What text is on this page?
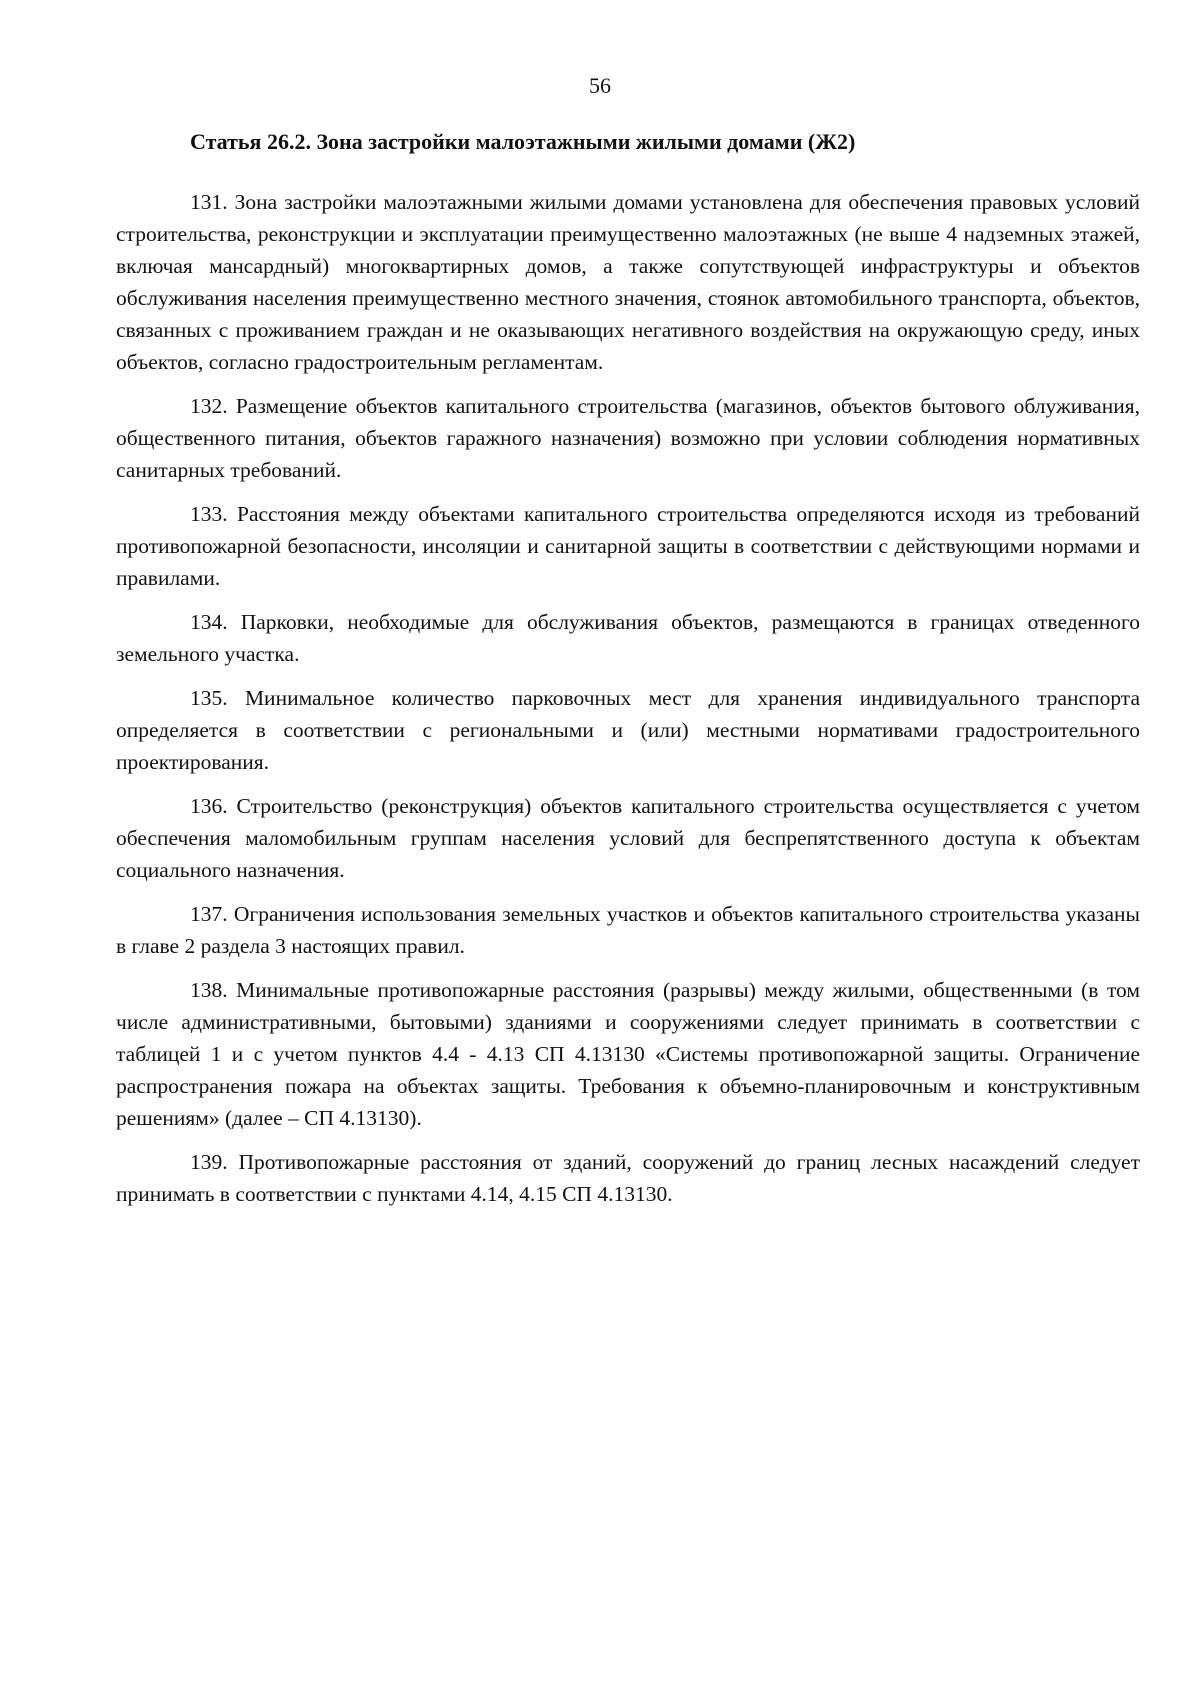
56
Статья 26.2. Зона застройки малоэтажными жилыми домами (Ж2)

131. Зона застройки малоэтажными жилыми домами установлена для обеспечения правовых условий строительства, реконструкции и эксплуатации преимущественно малоэтажных (не выше 4 надземных этажей, включая мансардный) многоквартирных домов, а также сопутствующей инфраструктуры и объектов обслуживания населения преимущественно местного значения, стоянок автомобильного транспорта, объектов, связанных с проживанием граждан и не оказывающих негативного воздействия на окружающую среду, иных объектов, согласно градостроительным регламентам.

132. Размещение объектов капитального строительства (магазинов, объектов бытового облуживания, общественного питания, объектов гаражного назначения) возможно при условии соблюдения нормативных санитарных требований.

133. Расстояния между объектами капитального строительства определяются исходя из требований противопожарной безопасности, инсоляции и санитарной защиты в соответствии с действующими нормами и правилами.

134. Парковки, необходимые для обслуживания объектов, размещаются в границах отведенного земельного участка.

135. Минимальное количество парковочных мест для хранения индивидуального транспорта определяется в соответствии с региональными и (или) местными нормативами градостроительного проектирования.

136. Строительство (реконструкция) объектов капитального строительства осуществляется с учетом обеспечения маломобильным группам населения условий для беспрепятственного доступа к объектам социального назначения.

137. Ограничения использования земельных участков и объектов капитального строительства указаны в главе 2 раздела 3 настоящих правил.

138. Минимальные противопожарные расстояния (разрывы) между жилыми, общественными (в том числе административными, бытовыми) зданиями и сооружениями следует принимать в соответствии с таблицей 1 и с учетом пунктов 4.4 - 4.13 СП 4.13130 «Системы противопожарной защиты. Ограничение распространения пожара на объектах защиты. Требования к объемно-планировочным и конструктивным решениям» (далее – СП 4.13130).

139. Противопожарные расстояния от зданий, сооружений до границ лесных насаждений следует принимать в соответствии с пунктами 4.14, 4.15 СП 4.13130.
